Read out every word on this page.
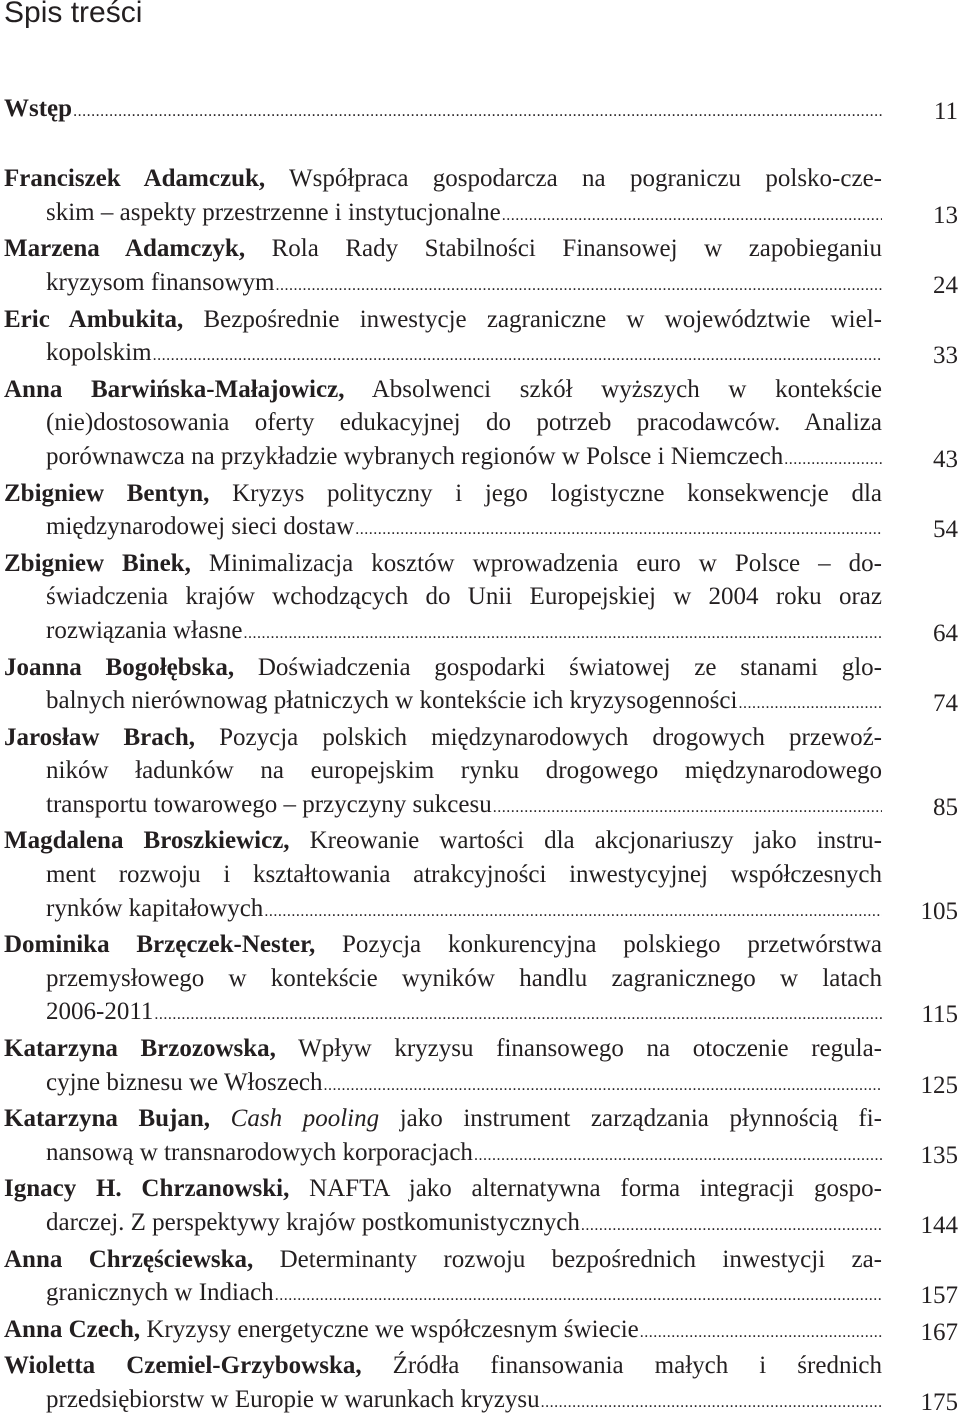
Spis treści
Wstęp .....	11
Franciszek Adamczuk, Współpraca gospodarcza na pograniczu polsko-cze-
skim – aspekty przestrzenne i instytucjonalne .....	13
Marzena Adamczyk, Rola Rady Stabilności Finansowej w zapobieganiu
kryzysom finansowym .....	24
Eric Ambukita, Bezpośrednie inwestycje zagraniczne w województwie wiel-
kopolskim .....	33
Anna Barwińska-Małajowicz, Absolwenci szkół wyższych w kontekście
(nie)dostosowania oferty edukacyjnej do potrzeb pracodawców. Analiza
porównawcza na przykładzie wybranych regionów w Polsce i Niemczech .....	43
Zbigniew Bentyn, Kryzys polityczny i jego logistyczne konsekwencje dla
międzynarodowej sieci dostaw .....	54
Zbigniew Binek, Minimalizacja kosztów wprowadzenia euro w Polsce – do-
świadczenia krajów wchodzących do Unii Europejskiej w 2004 roku oraz
rozwiązania własne .....	64
Joanna Bogołębska, Doświadczenia gospodarki światowej ze stanami glo-
balnych nierównowag płatniczych w kontekście ich kryzysogenności .....	74
Jarosław Brach, Pozycja polskich międzynarodowych drogowych przewoź-
ników ładunków na europejskim rynku drogowego międzynarodowego
transportu towarowego – przyczyny sukcesu .....	85
Magdalena Broszkiewicz, Kreowanie wartości dla akcjonariuszy jako instru-
ment rozwoju i kształtowania atrakcyjności inwestycyjnej współczesnych
rynków kapitałowych .....	105
Dominika Brzęczek-Nester, Pozycja konkurencyjna polskiego przetwórstwa
przemysłowego w kontekście wyników handlu zagranicznego w latach
2006-2011 .....	115
Katarzyna Brzozowska, Wpływ kryzysu finansowego na otoczenie regula-
cyjne biznesu we Włoszech .....	125
Katarzyna Bujan, Cash pooling jako instrument zarządzania płynnością fi-
nansową w transnarodowych korporacjach .....	135
Ignacy H. Chrzanowski, NAFTA jako alternatywna forma integracji gospo-
darczej. Z perspektywy krajów postkomunistycznych .....	144
Anna Chrzęściewska, Determinanty rozwoju bezpośrednich inwestycji za-
granicznych w Indiach .....	157
Anna Czech, Kryzysy energetyczne we współczesnym świecie .....	167
Wioletta Czemiel-Grzybowska, Źródła finansowania małych i średnich
przedsiębiorstw w Europie w warunkach kryzysu .....	175
